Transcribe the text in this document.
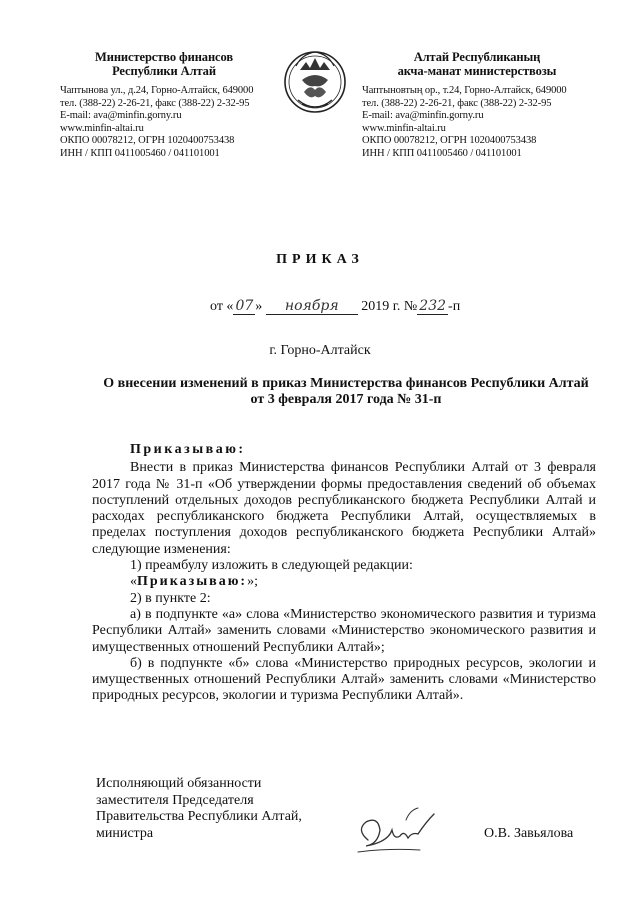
Министерство финансов
Республики Алтай
Чаптынова ул., д.24, Горно-Алтайск, 649000
тел. (388-22) 2-26-21, факс (388-22) 2-32-95
E-mail: ava@minfin.gorny.ru
www.minfin-altai.ru
ОКПО 00078212, ОГРН 1020400753438
ИНН / КПП 0411005460 / 041101001
Алтай Республиканың
акча-манат министерствозы
Чаптыновтың ор., т.24, Горно-Алтайск, 649000
тел. (388-22) 2-26-21, факс (388-22) 2-32-95
E-mail: ava@minfin.gorny.ru
www.minfin-altai.ru
ОКПО 00078212, ОГРН 1020400753438
ИНН / КПП 0411005460 / 041101001
ПРИКАЗ
от « 07 » ноября 2019 г. № 232 -п
г. Горно-Алтайск
О внесении изменений в приказ Министерства финансов Республики Алтай от 3 февраля 2017 года № 31-п

Приказываю:

Внести в приказ Министерства финансов Республики Алтай от 3 февраля 2017 года № 31-п «Об утверждении формы предоставления сведений об объемах поступлений отдельных доходов республиканского бюджета Республики Алтай и расходах республиканского бюджета Республики Алтай, осуществляемых в пределах поступления доходов республиканского бюджета Республики Алтай» следующие изменения:

1) преамбулу изложить в следующей редакции:

«Приказываю:»;

2) в пункте 2:

а) в подпункте «а» слова «Министерство экономического развития и туризма Республики Алтай» заменить словами «Министерство экономического развития и имущественных отношений Республики Алтай»;

б) в подпункте «б» слова «Министерство природных ресурсов, экологии и имущественных отношений Республики Алтай» заменить словами «Министерство природных ресурсов, экологии и туризма Республики Алтай».

Исполняющий обязанности
заместителя Председателя
Правительства Республики Алтай,
министра	О.В. Завьялова
